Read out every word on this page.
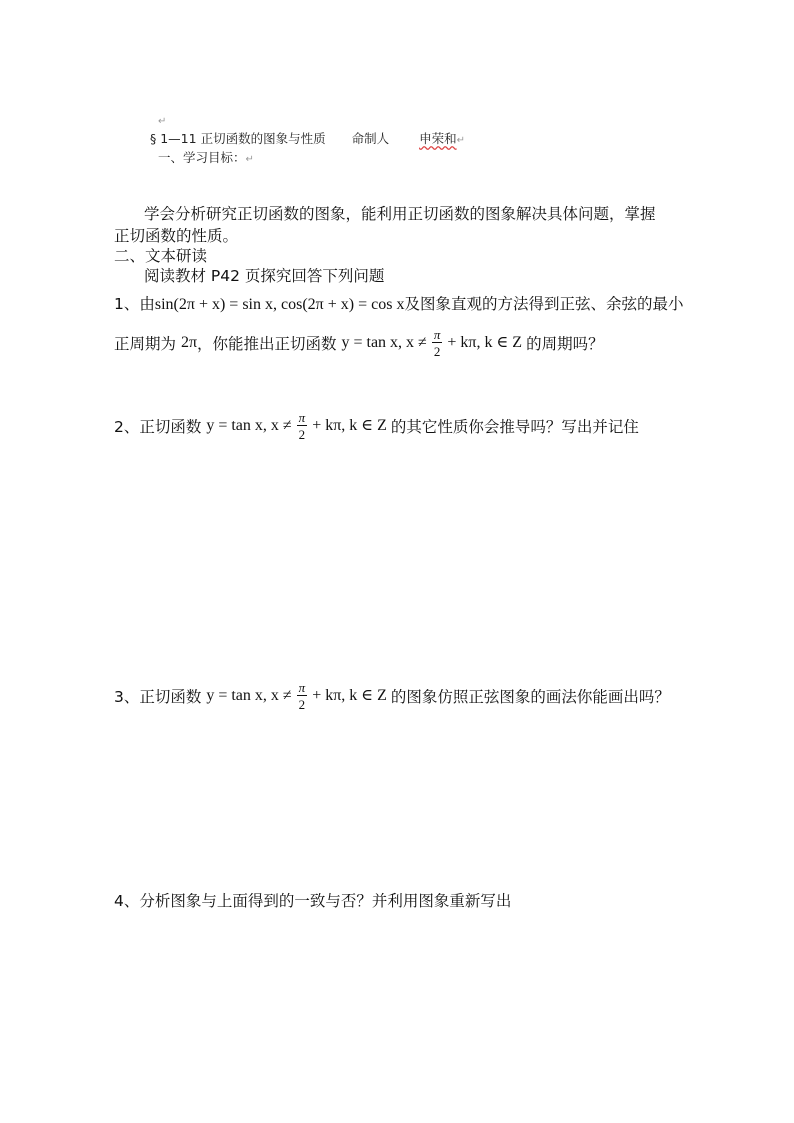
↵
§ 1—11 正切函数的图象与性质 命制人 申荣和↵
一、学习目标：↵
学会分析研究正切函数的图象，能利用正切函数的图象解决具体问题，掌握
正切函数的性质。
二、文本研读
阅读教材 P42 页探究回答下列问题
1、由sin(2π + x) = sin x, cos(2π + x) = cos x及图象直观的方法得到正弦、余弦的最小
正周期为 2π，你能推出正切函数 y = tan x, $x \ne \frac{\pi}{2} + k\pi$, k ∈ Z 的周期吗？
2、正切函数 y = tan x, $x \ne \frac{\pi}{2} + k\pi$, k ∈ Z 的其它性质你会推导吗？写出并记住
3、正切函数 y = tan x, $x \ne \frac{\pi}{2} + k\pi$, k ∈ Z 的图象仿照正弦图象的画法你能画出吗？
4、分析图象与上面得到的一致与否？并利用图象重新写出
